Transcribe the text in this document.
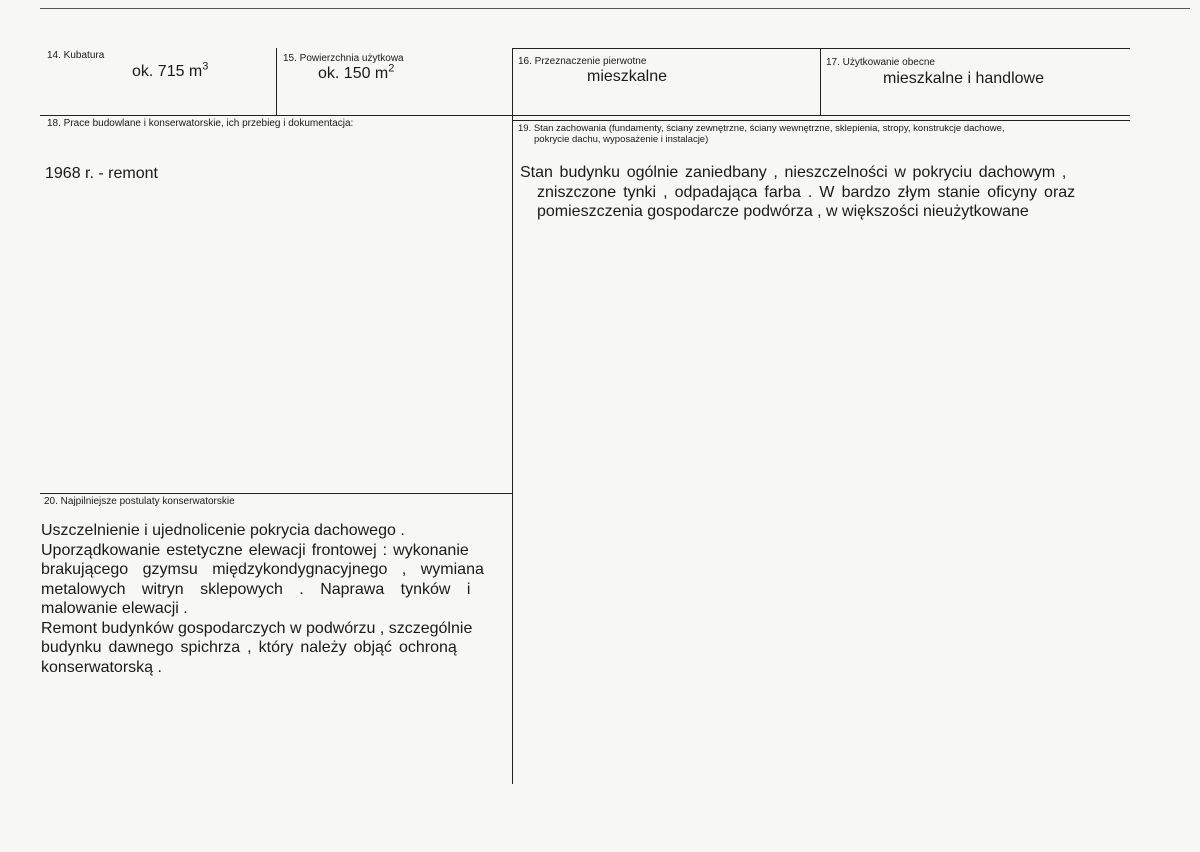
14. Kubatura
ok. 715 $m^3$
15. Powierzchnia użytkowa
ok. 150 $m^2$
16. Przeznaczenie pierwotne
mieszkalne
17. Użytkowanie obecne
mieszkalne i handlowe
18. Prace budowlane i konserwatorskie, ich przebieg i dokumentacja:
1968 r. - remont
19. Stan zachowania (fundamenty, ściany zewnętrzne, ściany wewnętrzne, sklepienia, stropy, konstrukcje dachowe,
pokrycie dachu, wyposażenie i instalacje)
Stan budynku ogólnie zaniedbany , nieszczelności w pokryciu dachowym ,
zniszczone tynki , odpadająca farba . W bardzo złym stanie oficyny oraz
pomieszczenia gospodarcze podwórza , w większości nieużytkowane
20. Najpilniejsze postulaty konserwatorskie
Uszczelnienie i ujednolicenie pokrycia dachowego .
Uporządkowanie estetyczne elewacji frontowej : wykonanie
brakującego gzymsu międzykondygnacyjnego , wymiana
metalowych witryn sklepowych . Naprawa tynków i
malowanie elewacji .
Remont budynków gospodarczych w podwórzu , szczególnie
budynku dawnego spichrza , który należy objąć ochroną
konserwatorską .
